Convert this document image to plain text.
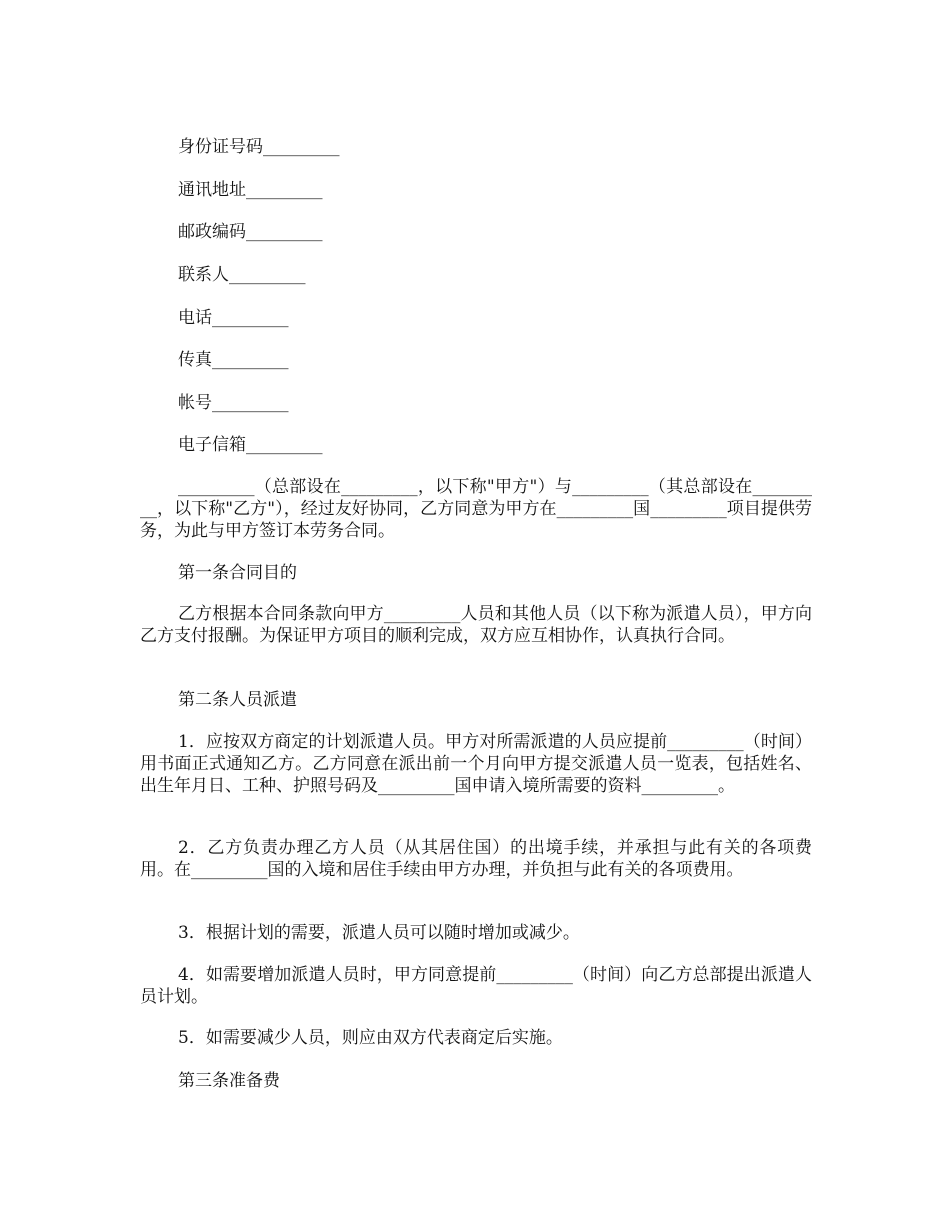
身份证号码_________
通讯地址_________
邮政编码_________
联系人_________
电话_________
传真_________
帐号_________
电子信箱_________
_________（总部设在_________，以下称"甲方"）与_________（其总部设在_________，以下称"乙方"），经过友好协同，乙方同意为甲方在_________国_________项目提供劳务，为此与甲方签订本劳务合同。
第一条合同目的
乙方根据本合同条款向甲方_________人员和其他人员（以下称为派遣人员），甲方向乙方支付报酬。为保证甲方项目的顺利完成，双方应互相协作，认真执行合同。
第二条人员派遣
1．应按双方商定的计划派遣人员。甲方对所需派遣的人员应提前_________（时间）用书面正式通知乙方。乙方同意在派出前一个月向甲方提交派遣人员一览表，包括姓名、出生年月日、工种、护照号码及_________国申请入境所需要的资料_________。
2．乙方负责办理乙方人员（从其居住国）的出境手续，并承担与此有关的各项费用。在_________国的入境和居住手续由甲方办理，并负担与此有关的各项费用。
3．根据计划的需要，派遣人员可以随时增加或减少。
4．如需要增加派遣人员时，甲方同意提前_________（时间）向乙方总部提出派遣人员计划。
5．如需要减少人员，则应由双方代表商定后实施。
第三条准备费
